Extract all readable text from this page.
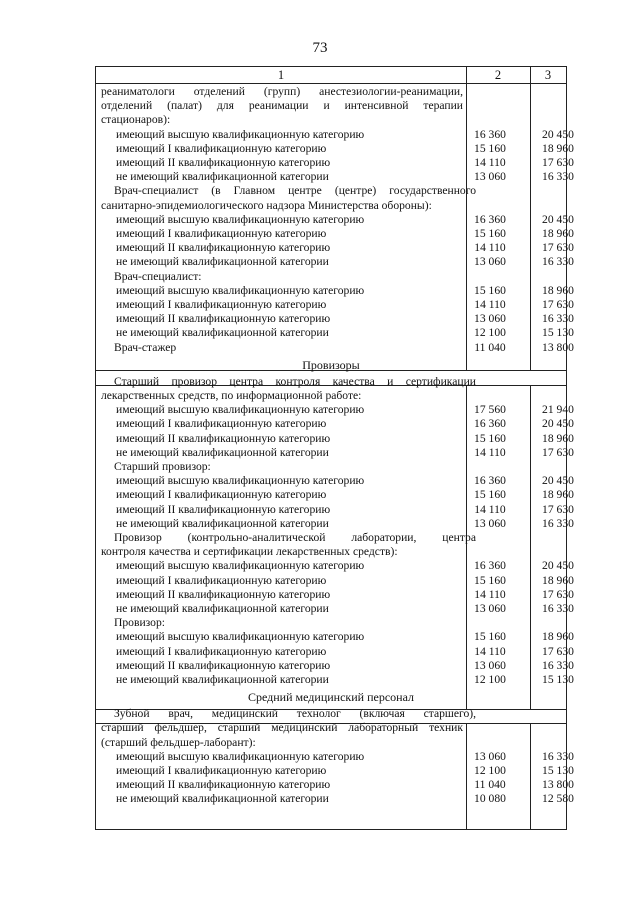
73
1	2	3
реаниматологи отделений (групп) анестезиологии-реанимации,
отделений (палат) для реанимации и интенсивной терапии
стационаров):
имеющий высшую квалификационную категорию	16 360	20 450
имеющий I квалификационную категорию	15 160	18 960
имеющий II квалификационную категорию	14 110	17 630
не имеющий квалификационной категории	13 060	16 330
Врач-специалист (в Главном центре (центре) государственного
санитарно-эпидемиологического надзора Министерства обороны):
имеющий высшую квалификационную категорию	16 360	20 450
имеющий I квалификационную категорию	15 160	18 960
имеющий II квалификационную категорию	14 110	17 630
не имеющий квалификационной категории	13 060	16 330
Врач-специалист:
имеющий высшую квалификационную категорию	15 160	18 960
имеющий I квалификационную категорию	14 110	17 630
имеющий II квалификационную категорию	13 060	16 330
не имеющий квалификационной категории	12 100	15 130
Врач-стажер	11 040	13 800
Провизоры
Старший провизор центра контроля качества и сертификации
лекарственных средств, по информационной работе:
имеющий высшую квалификационную категорию	17 560	21 940
имеющий I квалификационную категорию	16 360	20 450
имеющий II квалификационную категорию	15 160	18 960
не имеющий квалификационной категории	14 110	17 630
Старший провизор:
имеющий высшую квалификационную категорию	16 360	20 450
имеющий I квалификационную категорию	15 160	18 960
имеющий II квалификационную категорию	14 110	17 630
не имеющий квалификационной категории	13 060	16 330
Провизор (контрольно-аналитической лаборатории, центра
контроля качества и сертификации лекарственных средств):
имеющий высшую квалификационную категорию	16 360	20 450
имеющий I квалификационную категорию	15 160	18 960
имеющий II квалификационную категорию	14 110	17 630
не имеющий квалификационной категории	13 060	16 330
Провизор:
имеющий высшую квалификационную категорию	15 160	18 960
имеющий I квалификационную категорию	14 110	17 630
имеющий II квалификационную категорию	13 060	16 330
не имеющий квалификационной категории	12 100	15 130
Средний медицинский персонал
Зубной врач, медицинский технолог (включая старшего),
старший фельдшер, старший медицинский лабораторный техник
(старший фельдшер-лаборант):
имеющий высшую квалификационную категорию	13 060	16 330
имеющий I квалификационную категорию	12 100	15 130
имеющий II квалификационную категорию	11 040	13 800
не имеющий квалификационной категории	10 080	12 580
